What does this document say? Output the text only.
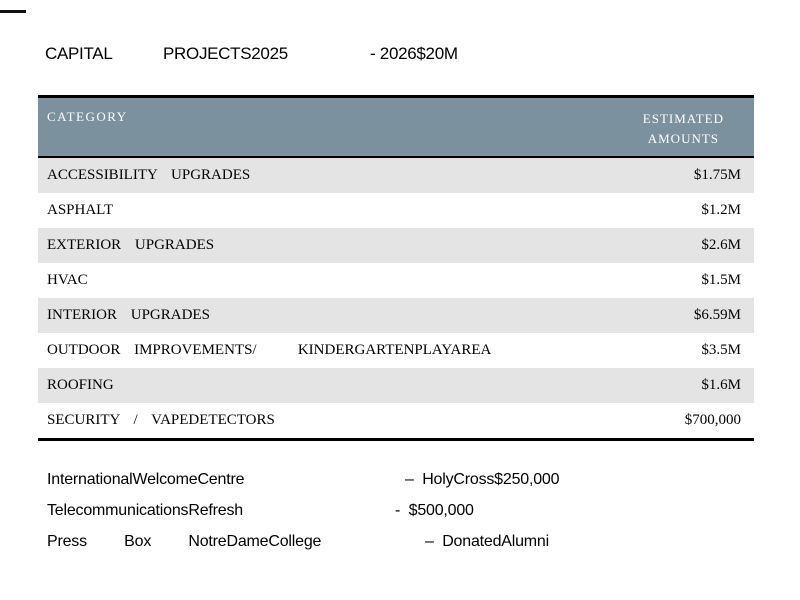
CAPITAL	PROJECTS2025	- 2026$20M
CATEGORY	ESTIMATED
AMOUNTS
ACCESSIBILITY UPGRADES	$1.75M
ASPHALT	$1.2M
EXTERIOR UPGRADES	$2.6M
HVAC	$1.5M
INTERIOR UPGRADES	$6.59M
OUTDOOR IMPROVEMENTS/   KINDERGARTENPLAYAREA	$3.5M
ROOFING	$1.6M
SECURITY / VAPEDETECTORS	$700,000
InternationalWelcomeCentre	–  HolyCross$250,000
TelecommunicationsRefresh	-  $500,000
Press Box NotreDameCollege	–  DonatedAlumni
